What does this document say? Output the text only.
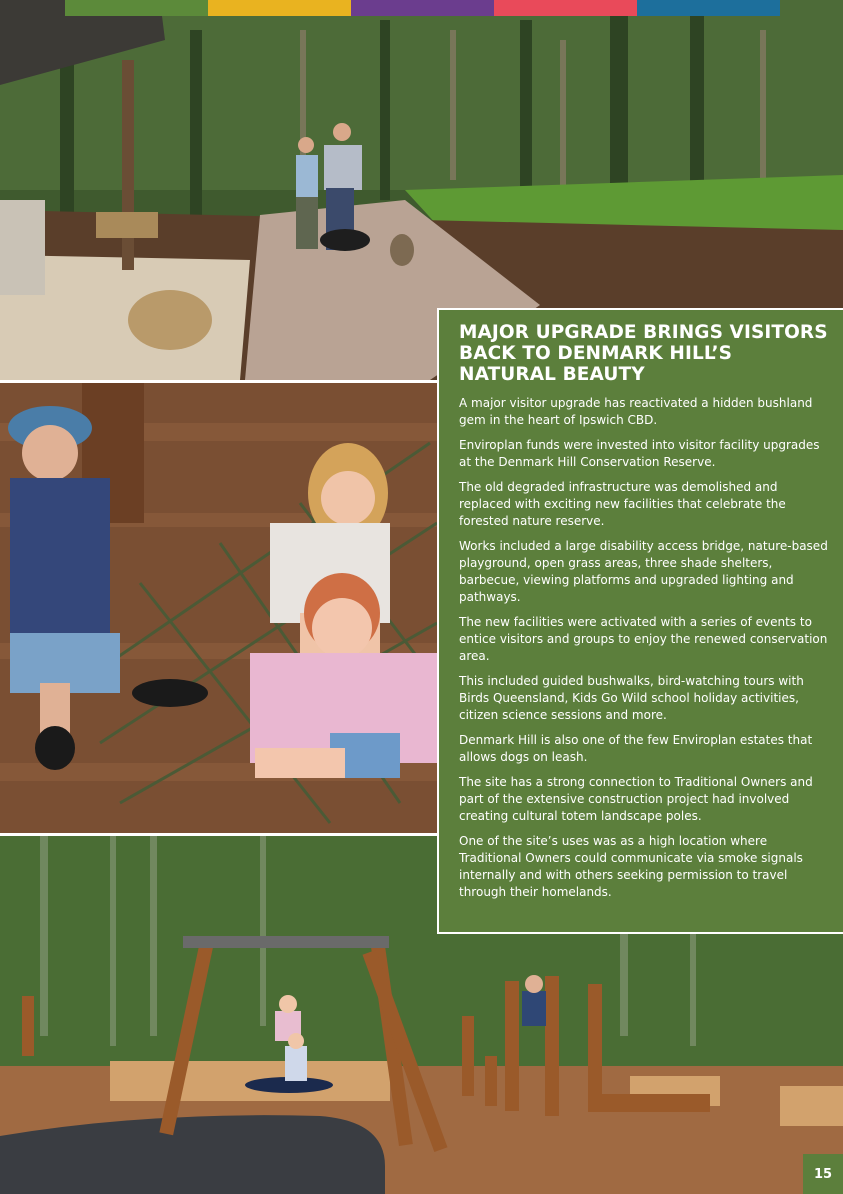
MAJOR UPGRADE BRINGS VISITORS BACK TO DENMARK HILL’S NATURAL BEAUTY

A major visitor upgrade has reactivated a hidden bushland gem in the heart of Ipswich CBD.

Enviroplan funds were invested into visitor facility upgrades at the Denmark Hill Conservation Reserve.

The old degraded infrastructure was demolished and replaced with exciting new facilities that celebrate the forested nature reserve.

Works included a large disability access bridge, nature-based playground, open grass areas, three shade shelters, barbecue, viewing platforms and upgraded lighting and pathways.

The new facilities were activated with a series of events to entice visitors and groups to enjoy the renewed conservation area.

This included guided bushwalks, bird-watching tours with Birds Queensland, Kids Go Wild school holiday activities, citizen science sessions and more.

Denmark Hill is also one of the few Enviroplan estates that allows dogs on leash.

The site has a strong connection to Traditional Owners and part of the extensive construction project had involved creating cultural totem landscape poles.

One of the site’s uses was as a high location where Traditional Owners could communicate via smoke signals internally and with others seeking permission to travel through their homelands.

15
